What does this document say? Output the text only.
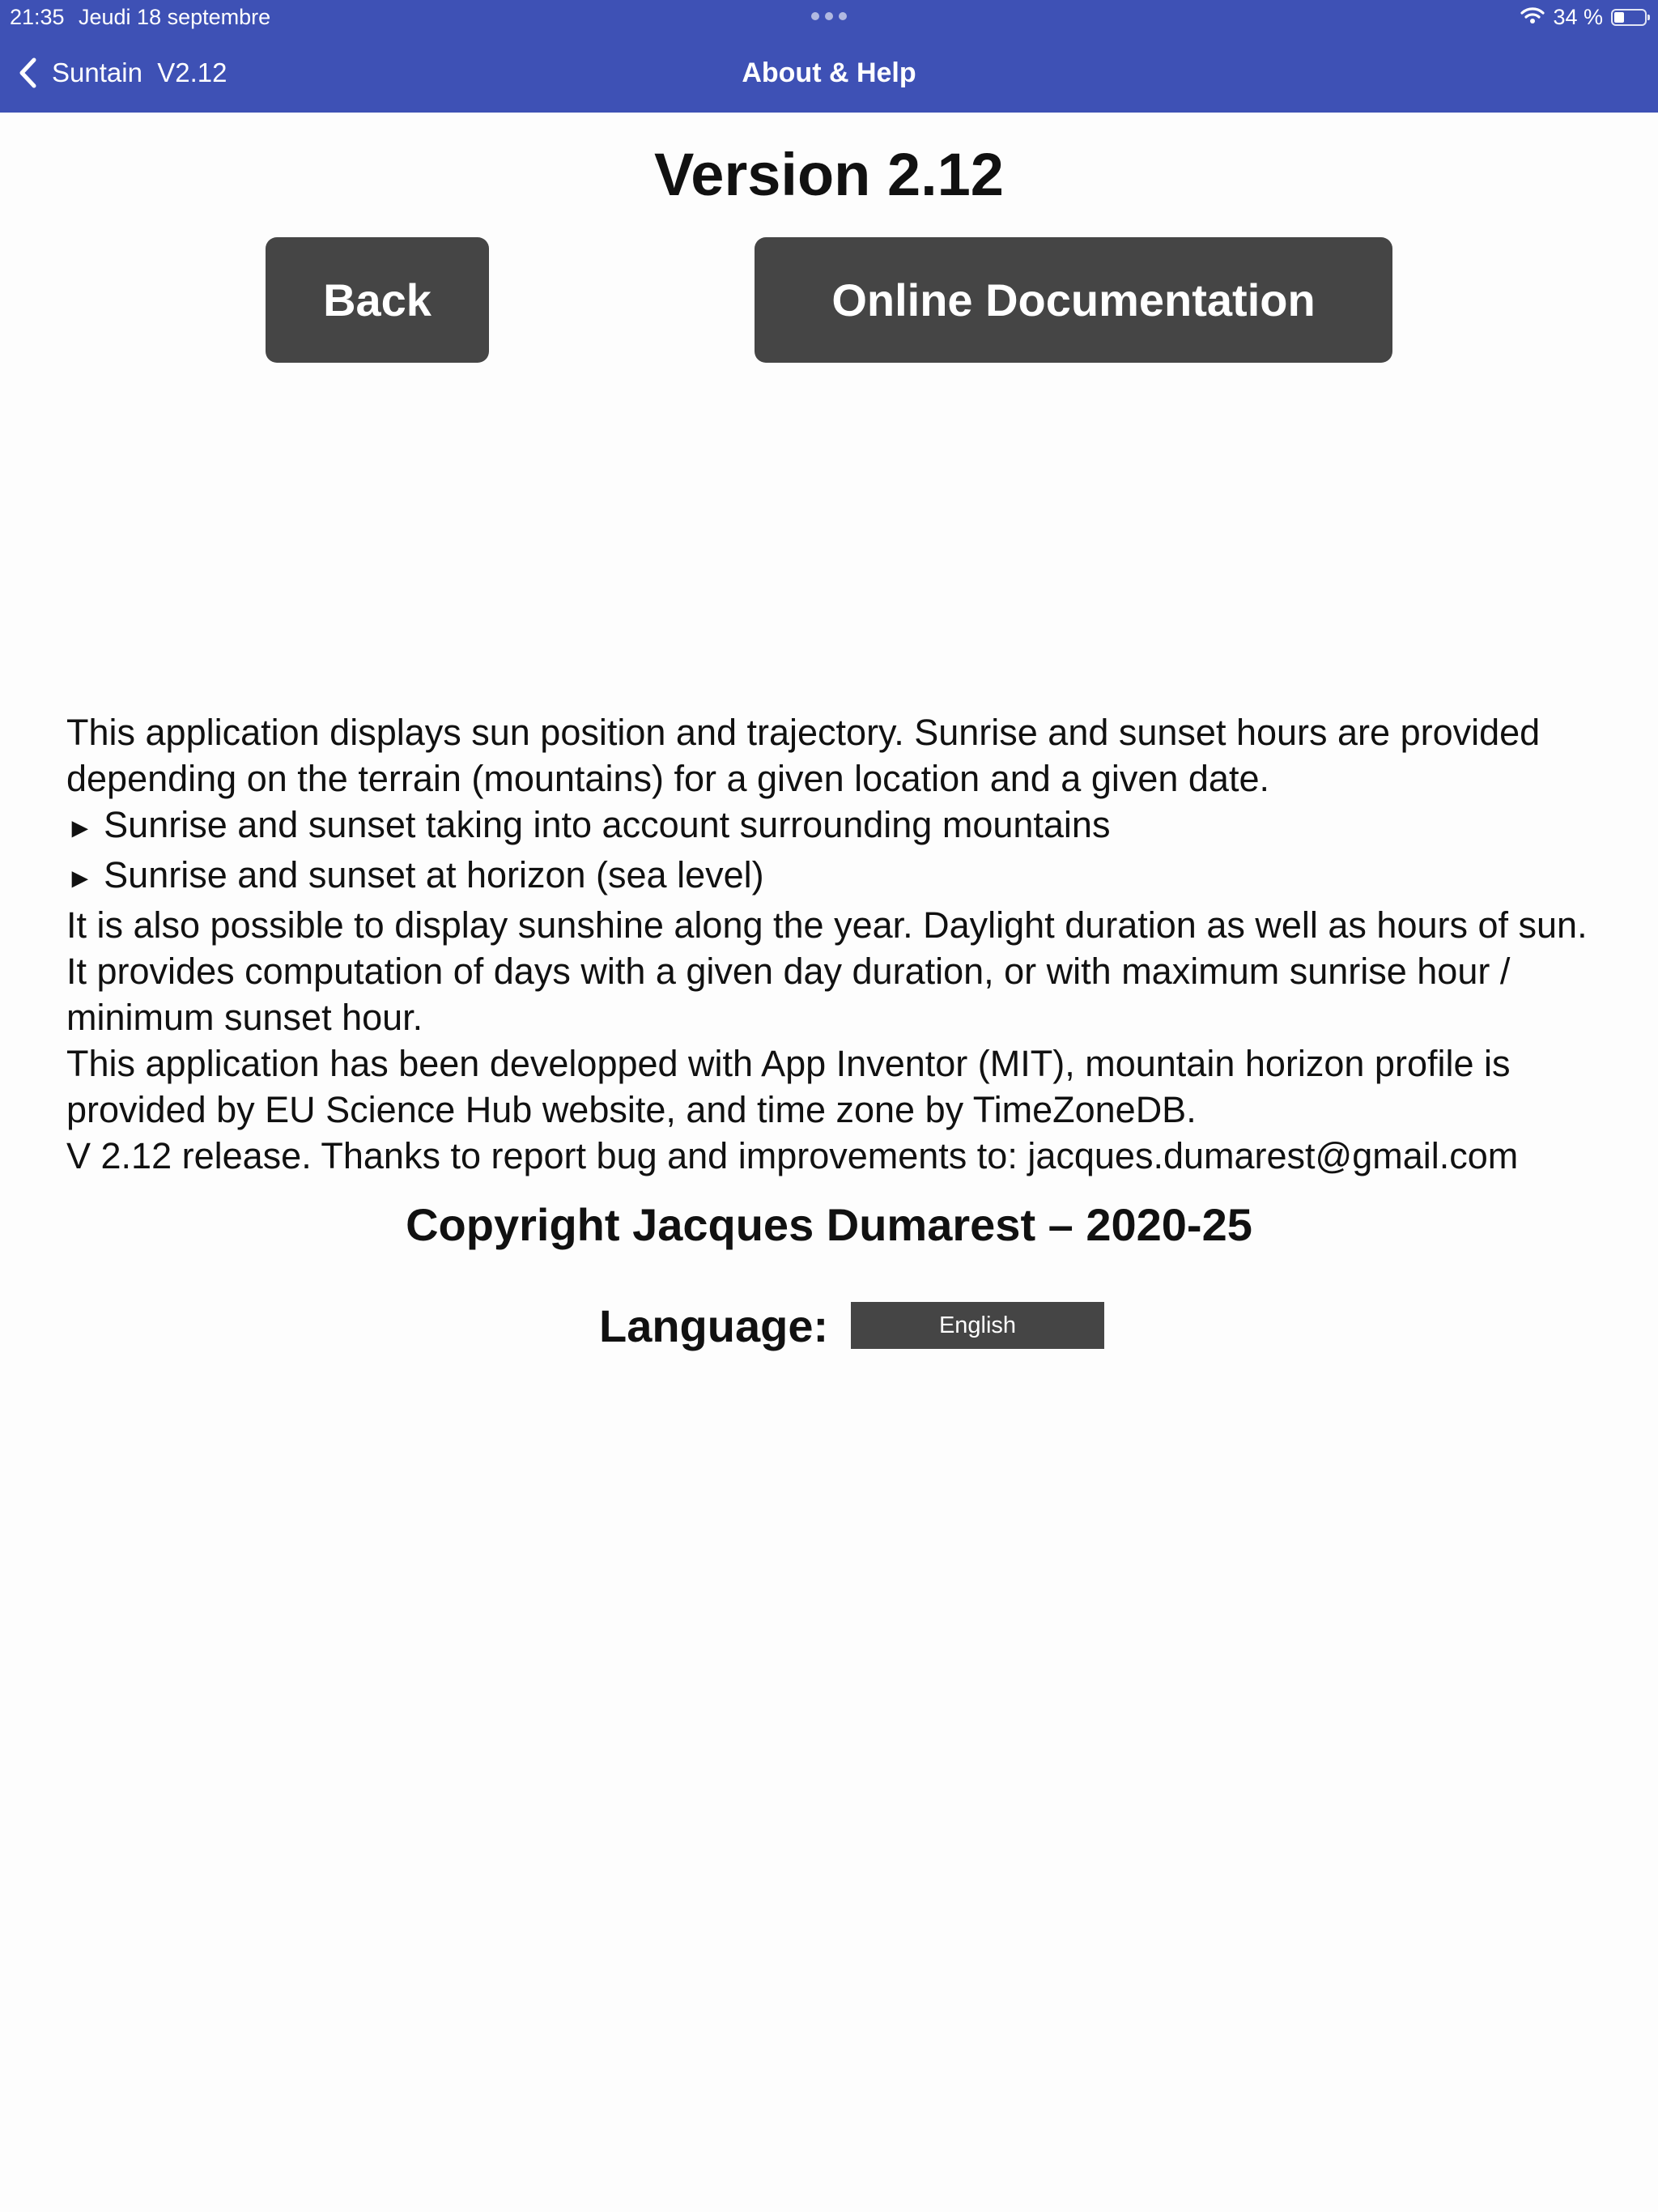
21:35 Jeudi 18 septembre	34 %
Suntain  V2.12	About & Help
Version 2.12
Back	Online Documentation

This application displays sun position and trajectory. Sunrise and sunset hours are provided depending on the terrain (mountains) for a given location and a given date.

► Sunrise and sunset taking into account surrounding mountains

► Sunrise and sunset at horizon (sea level)

It is also possible to display sunshine along the year. Daylight duration as well as hours of sun.

It provides computation of days with a given day duration, or with maximum sunrise hour / minimum sunset hour.

This application has been developped with App Inventor (MIT), mountain horizon profile is provided by EU Science Hub website, and time zone by TimeZoneDB.

V 2.12 release. Thanks to report bug and improvements to: jacques.dumarest@gmail.com

Copyright Jacques Dumarest – 2020-25
Language:	English
